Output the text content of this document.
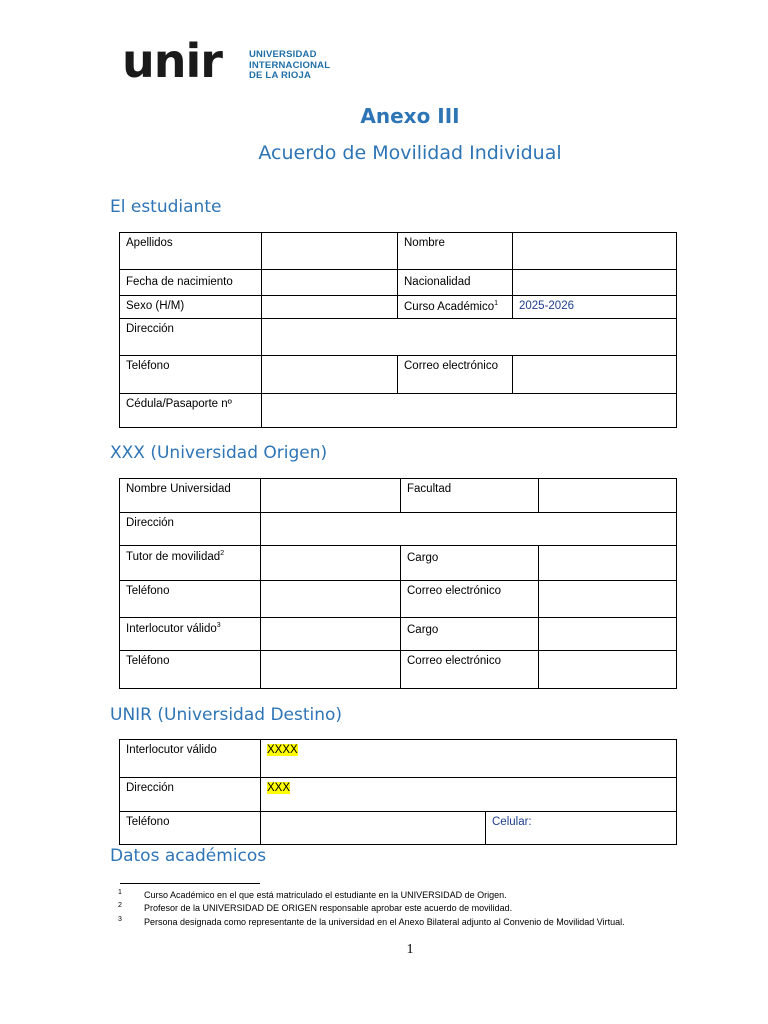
unir	UNIVERSIDAD
INTERNACIONAL
DE LA RIOJA
Anexo III
Acuerdo de Movilidad Individual
El estudiante
Apellidos		Nombre	
Fecha de nacimiento		Nacionalidad	
Sexo (H/M)		Curso Académico$^1$	2025-2026
Dirección			
Teléfono		Correo electrónico	
Cédula/Pasaporte nº			
XXX (Universidad Origen)
Nombre Universidad		Facultad	
Dirección			
Tutor de movilidad$^2$		Cargo	
Teléfono		Correo electrónico	
Interlocutor válido$^3$		Cargo	
Teléfono		Correo electrónico	
UNIR (Universidad Destino)
Interlocutor válido	XXXX	
Dirección	XXX	
Teléfono		Celular:
Datos académicos
1	Curso Académico en el que está matriculado el estudiante en la UNIVERSIDAD de Origen.
2	Profesor de la UNIVERSIDAD DE ORIGEN responsable aprobar este acuerdo de movilidad.
3	Persona designada como representante de la universidad en el Anexo Bilateral adjunto al Convenio de Movilidad Virtual.
1
